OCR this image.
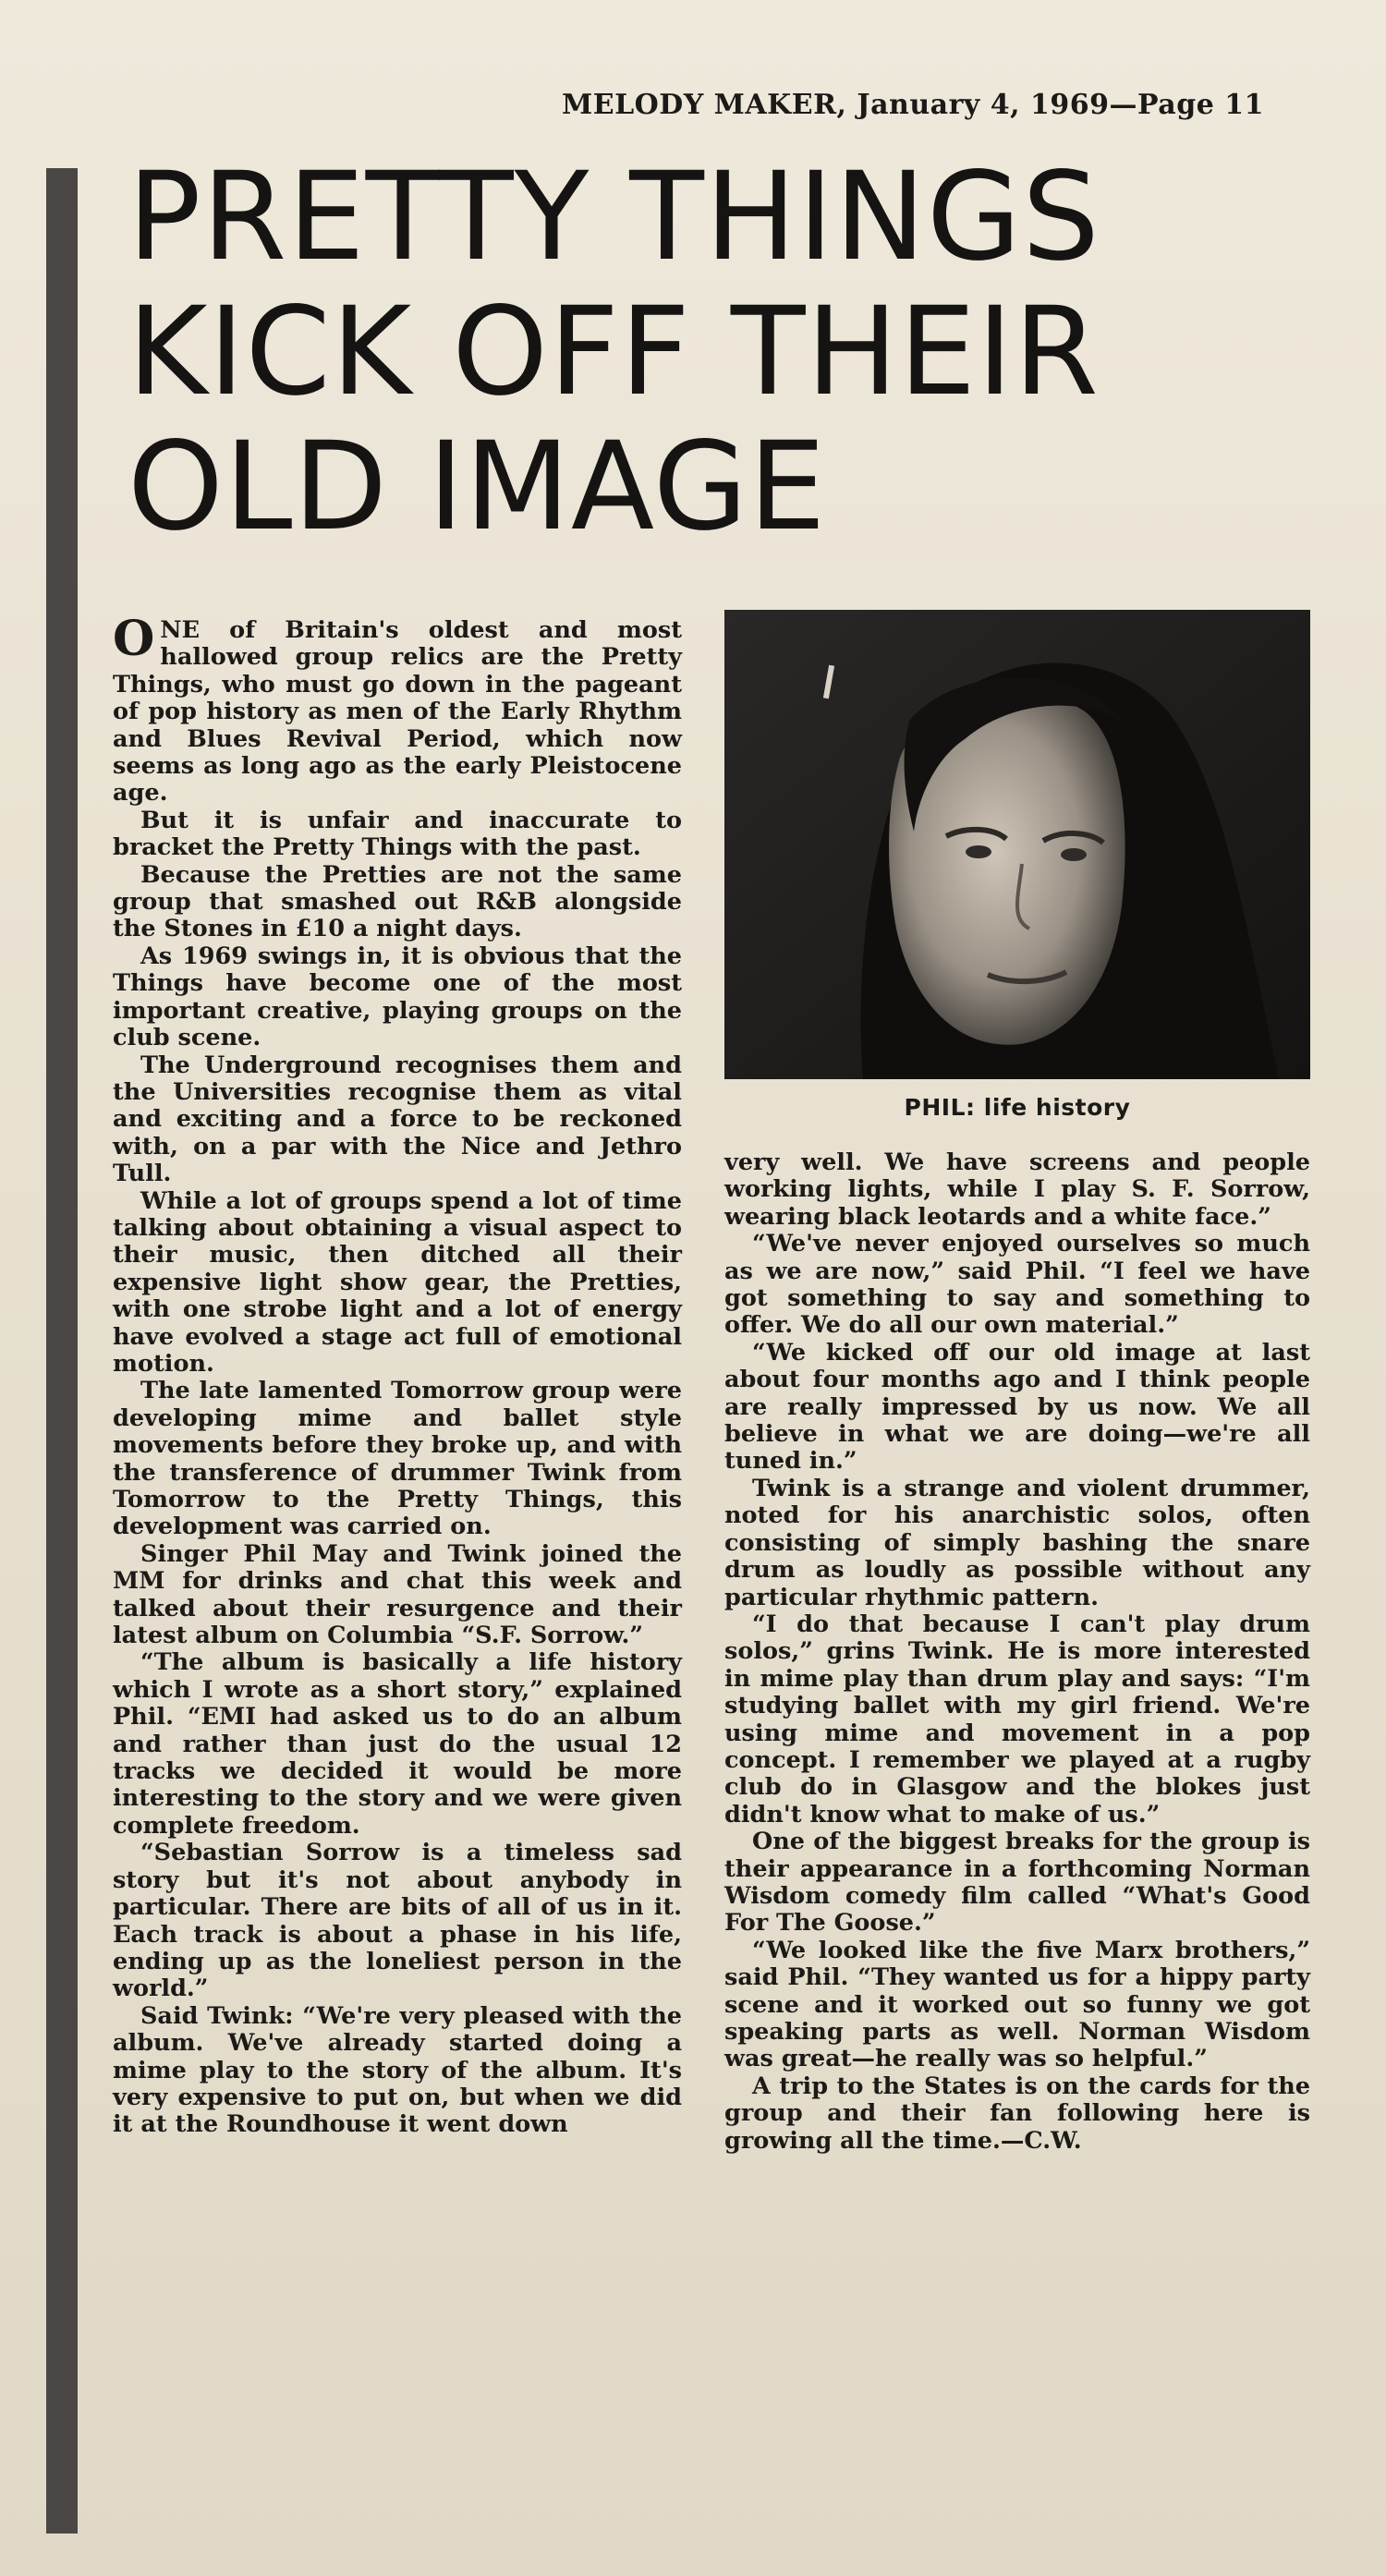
MELODY MAKER, January 4, 1969—Page 11
PRETTY THINGS
KICK OFF THEIR
OLD IMAGE

ONE of Britain's oldest and most hallowed group relics are the Pretty Things, who must go down in the pageant of pop history as men of the Early Rhythm and Blues Revival Period, which now seems as long ago as the early Pleistocene age.

But it is unfair and inaccurate to bracket the Pretty Things with the past.

Because the Pretties are not the same group that smashed out R&B alongside the Stones in £10 a night days.

As 1969 swings in, it is obvious that the Things have become one of the most important creative, playing groups on the club scene.

The Underground recognises them and the Universities recognise them as vital and exciting and a force to be reckoned with, on a par with the Nice and Jethro Tull.

While a lot of groups spend a lot of time talking about obtaining a visual aspect to their music, then ditched all their expensive light show gear, the Pretties, with one strobe light and a lot of energy have evolved a stage act full of emotional motion.

The late lamented Tomorrow group were developing mime and ballet style movements before they broke up, and with the transference of drummer Twink from Tomorrow to the Pretty Things, this development was carried on.

Singer Phil May and Twink joined the MM for drinks and chat this week and talked about their resurgence and their latest album on Columbia “S.F. Sorrow.”

“The album is basically a life history which I wrote as a short story,” explained Phil. “EMI had asked us to do an album and rather than just do the usual 12 tracks we decided it would be more interesting to the story and we were given complete freedom.

“Sebastian Sorrow is a timeless sad story but it's not about anybody in particular. There are bits of all of us in it. Each track is about a phase in his life, ending up as the loneliest person in the world.”

Said Twink: “We're very pleased with the album. We've already started doing a mime play to the story of the album. It's very expensive to put on, but when we did it at the Roundhouse it went down

PHIL: life history

very well. We have screens and people working lights, while I play S. F. Sorrow, wearing black leotards and a white face.”

“We've never enjoyed ourselves so much as we are now,” said Phil. “I feel we have got something to say and something to offer. We do all our own material.”

“We kicked off our old image at last about four months ago and I think people are really impressed by us now. We all believe in what we are doing—we're all tuned in.”

Twink is a strange and violent drummer, noted for his anarchistic solos, often consisting of simply bashing the snare drum as loudly as possible without any particular rhythmic pattern.

“I do that because I can't play drum solos,” grins Twink. He is more interested in mime play than drum play and says: “I'm studying ballet with my girl friend. We're using mime and movement in a pop concept. I remember we played at a rugby club do in Glasgow and the blokes just didn't know what to make of us.”

One of the biggest breaks for the group is their appearance in a forthcoming Norman Wisdom comedy film called “What's Good For The Goose.”

“We looked like the five Marx brothers,” said Phil. “They wanted us for a hippy party scene and it worked out so funny we got speaking parts as well. Norman Wisdom was great—he really was so helpful.”

A trip to the States is on the cards for the group and their fan following here is growing all the time.—C.W.
